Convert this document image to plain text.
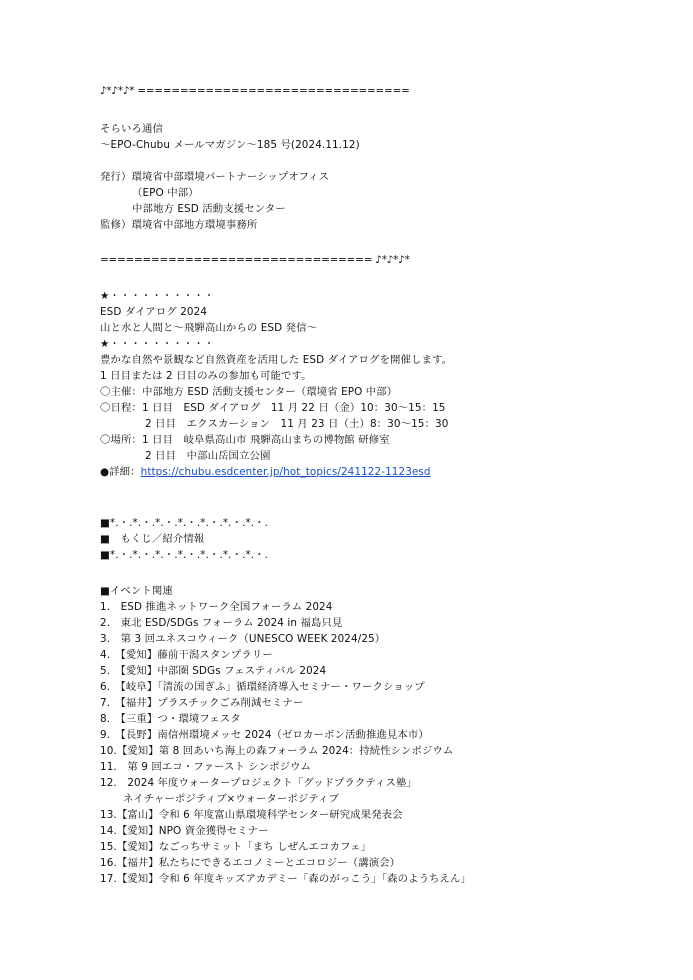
♪*♪*♪* ================================
そらいろ通信
～EPO-Chubu メールマガジン～185 号(2024.11.12)
発行）環境省中部環境パートナーシップオフィス
（EPO 中部）
中部地方 ESD 活動支援センター
監修）環境省中部地方環境事務所
================================ ♪*♪*♪*
★・・・・・・・・・・
ESD ダイアログ 2024
山と水と人間と～飛騨高山からの ESD 発信～
★・・・・・・・・・・
豊かな自然や景観など自然資産を活用した ESD ダイアログを開催します。
1 日目または 2 日目のみの参加も可能です。
〇主催：中部地方 ESD 活動支援センター（環境省 EPO 中部）
〇日程：1 日目　ESD ダイアログ　11 月 22 日（金）10：30～15：15
2 日目　エクスカーション　11 月 23 日（土）8：30～15：30
〇場所：1 日目　岐阜県高山市 飛騨高山まちの博物館 研修室
2 日目　中部山岳国立公園
●詳細：https://chubu.esdcenter.jp/hot_topics/241122-1123esd
■*.・.*.・.*.・.*.・.*.・.*.・.*.・.
■　もくじ／紹介情報
■*.・.*.・.*.・.*.・.*.・.*.・.*.・.
■イベント関連
1.　ESD 推進ネットワーク全国フォーラム 2024
2.　東北 ESD/SDGs フォーラム 2024 in 福島只見
3.　第 3 回ユネスコウィーク（UNESCO WEEK 2024/25）
4.　【愛知】藤前干潟スタンプラリー
5.　【愛知】中部圏 SDGs フェスティバル 2024
6.　【岐阜】「清流の国ぎふ」循環経済導入セミナー・ワークショップ
7.　【福井】プラスチックごみ削減セミナー
8.　【三重】つ・環境フェスタ
9.　【長野】南信州環境メッセ 2024（ゼロカーボン活動推進見本市）
10.【愛知】第 8 回あいち海上の森フォーラム 2024：持続性シンポジウム
11.　第 9 回エコ・ファースト シンポジウム
12.　2024 年度ウォータープロジェクト「グッドプラクティス塾」
ネイチャーポジティブ×ウォーターポジティブ
13.【富山】令和 6 年度富山県環境科学センター研究成果発表会
14.【愛知】NPO 資金獲得セミナー
15.【愛知】なごっちサミット「まち しぜんエコカフェ」
16.【福井】私たちにできるエコノミーとエコロジー（講演会）
17.【愛知】令和 6 年度キッズアカデミー「森のがっこう」「森のようちえん」
